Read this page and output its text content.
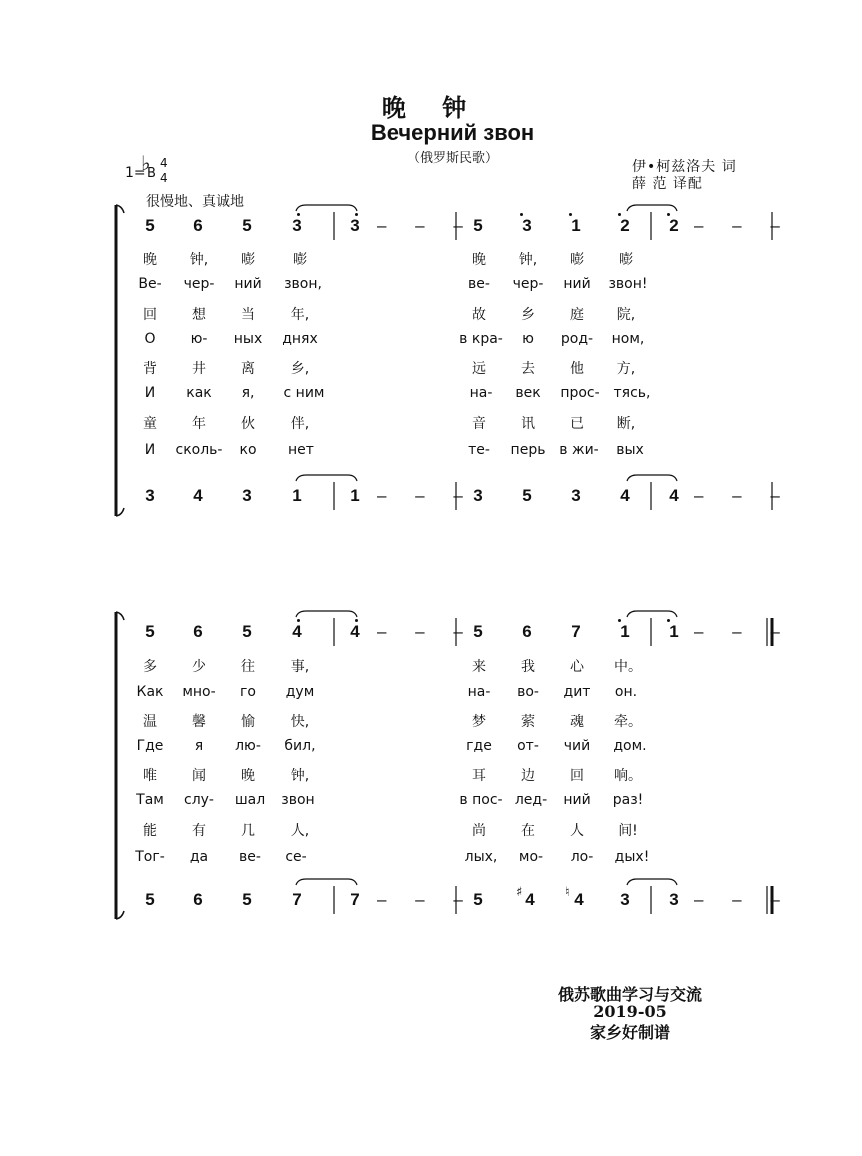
晚 钟
Вечерний звон
（俄罗斯民歌）
1=
♭
B
4
4
很慢地、真诚地
伊•柯兹洛夫 词
薛 范 译配
5	6	5	3	3	– – –
5	3	1	2	2 – – –
晚	钟,	嘭	嘭	晚	钟,	嘭	嘭
Ве-	чер-	ний	звон,	ве-	чер-	ний	звон!
回	想	当	年,	故	乡	庭	院,
О	ю-	ных	днях	в кра-	ю	род-	ном,
背	井	离	乡,	远	去	他	方,
И	как	я,	с ним	на-	век	прос- тясь,
童	年	伙	伴,	音	讯	已	断,
И	сколь-	ко	нет	те-	перь в жи-	вых
3	4	3	1	1	– – –
3	5	3	4	4 – – –
5	6	5	4	4	– – –
5	6	7	1	1 – – –
多	少	往	事,	来	我	心	中。
Как	мно-	го	дум	на-	во-	дит	он.
温	馨	愉	快,	梦	萦	魂	牵。
Где	я	лю-	бил,	где	от-	чий	дом.
唯	闻	晚	钟,	耳	边	回	响。
Там	слу-	шал	звон	в пос- лед-	ний	раз!
能	有	几	人,	尚	在	人	间!
Тог-	да	ве-	се-	лых,	мо-	ло-	дых!
5	6	5	7	7	– – –
5	♯ 4	♮ 4	3	3 – – –
俄苏歌曲学习与交流
2019-05
家乡好制谱
